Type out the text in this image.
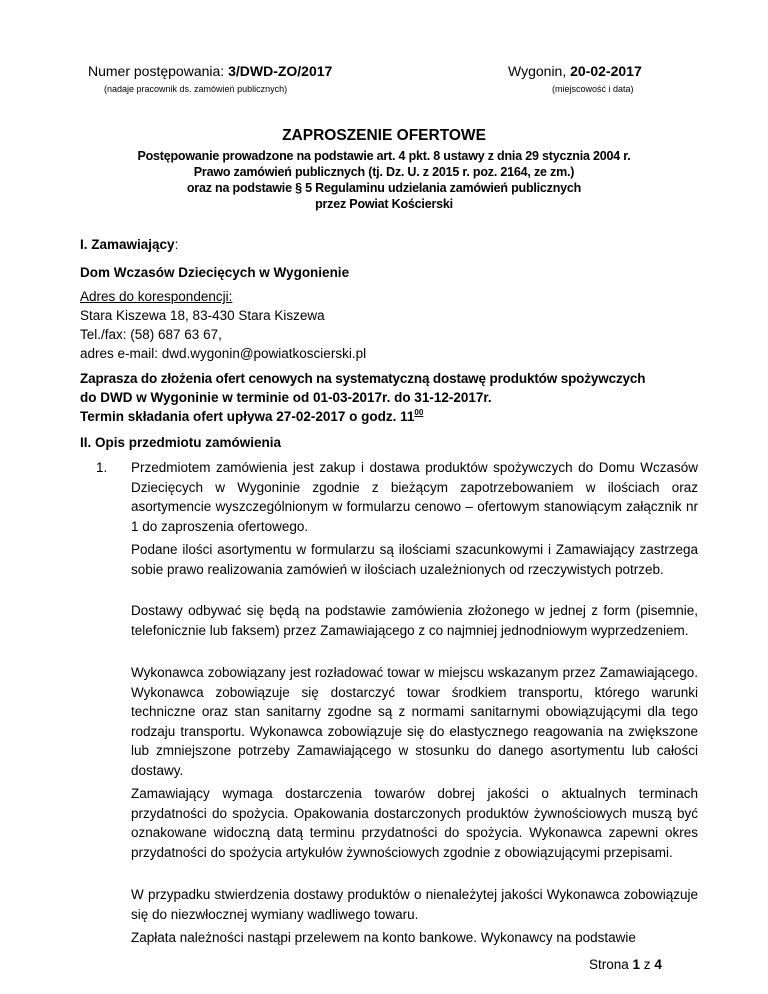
Numer postępowania: 3/DWD-ZO/2017
(nadaje pracownik ds. zamówień publicznych)
Wygonin, 20-02-2017
(miejscowość i data)
ZAPROSZENIE OFERTOWE
Postępowanie prowadzone na podstawie art. 4 pkt. 8 ustawy z dnia 29 stycznia 2004 r.
Prawo zamówień publicznych (tj. Dz. U. z 2015 r. poz. 2164, ze zm.)
oraz na podstawie § 5 Regulaminu udzielania zamówień publicznych
przez Powiat Kościerski
I. Zamawiający:
Dom Wczasów Dziecięcych w Wygonienie
Adres do korespondencji:
Stara Kiszewa 18, 83-430 Stara Kiszewa
Tel./fax: (58) 687 63 67,
adres e-mail: dwd.wygonin@powiatkoscierski.pl
Zaprasza do złożenia ofert cenowych na systematyczną dostawę produktów spożywczych
do DWD w Wygoninie w terminie od 01-03-2017r. do 31-12-2017r.
Termin składania ofert upływa 27-02-2017 o godz. $11^{00}$
II. Opis przedmiotu zamówienia
1. Przedmiotem zamówienia jest zakup i dostawa produktów spożywczych do Domu Wczasów Dziecięcych w Wygoninie zgodnie z bieżącym zapotrzebowaniem w ilościach oraz asortymencie wyszczególnionym w formularzu cenowo – ofertowym stanowiącym załącznik nr 1 do zaproszenia ofertowego.
Podane ilości asortymentu w formularzu są ilościami szacunkowymi i Zamawiający zastrzega sobie prawo realizowania zamówień w ilościach uzależnionych od rzeczywistych potrzeb.
Dostawy odbywać się będą na podstawie zamówienia złożonego w jednej z form (pisemnie, telefonicznie lub faksem) przez Zamawiającego z co najmniej jednodniowym wyprzedzeniem.
Wykonawca zobowiązany jest rozładować towar w miejscu wskazanym przez Zamawiającego. Wykonawca zobowiązuje się dostarczyć towar środkiem transportu, którego warunki techniczne oraz stan sanitarny zgodne są z normami sanitarnymi obowiązującymi dla tego rodzaju transportu. Wykonawca zobowiązuje się do elastycznego reagowania na zwiększone lub zmniejszone potrzeby Zamawiającego w stosunku do danego asortymentu lub całości dostawy.
Zamawiający wymaga dostarczenia towarów dobrej jakości o aktualnych terminach przydatności do spożycia. Opakowania dostarczonych produktów żywnościowych muszą być oznakowane widoczną datą terminu przydatności do spożycia. Wykonawca zapewni okres przydatności do spożycia artykułów żywnościowych zgodnie z obowiązującymi przepisami.
W przypadku stwierdzenia dostawy produktów o nienależytej jakości Wykonawca zobowiązuje się do niezwłocznej wymiany wadliwego towaru.
Zapłata należności nastąpi przelewem na konto bankowe. Wykonawcy na podstawie
Strona 1 z 4
